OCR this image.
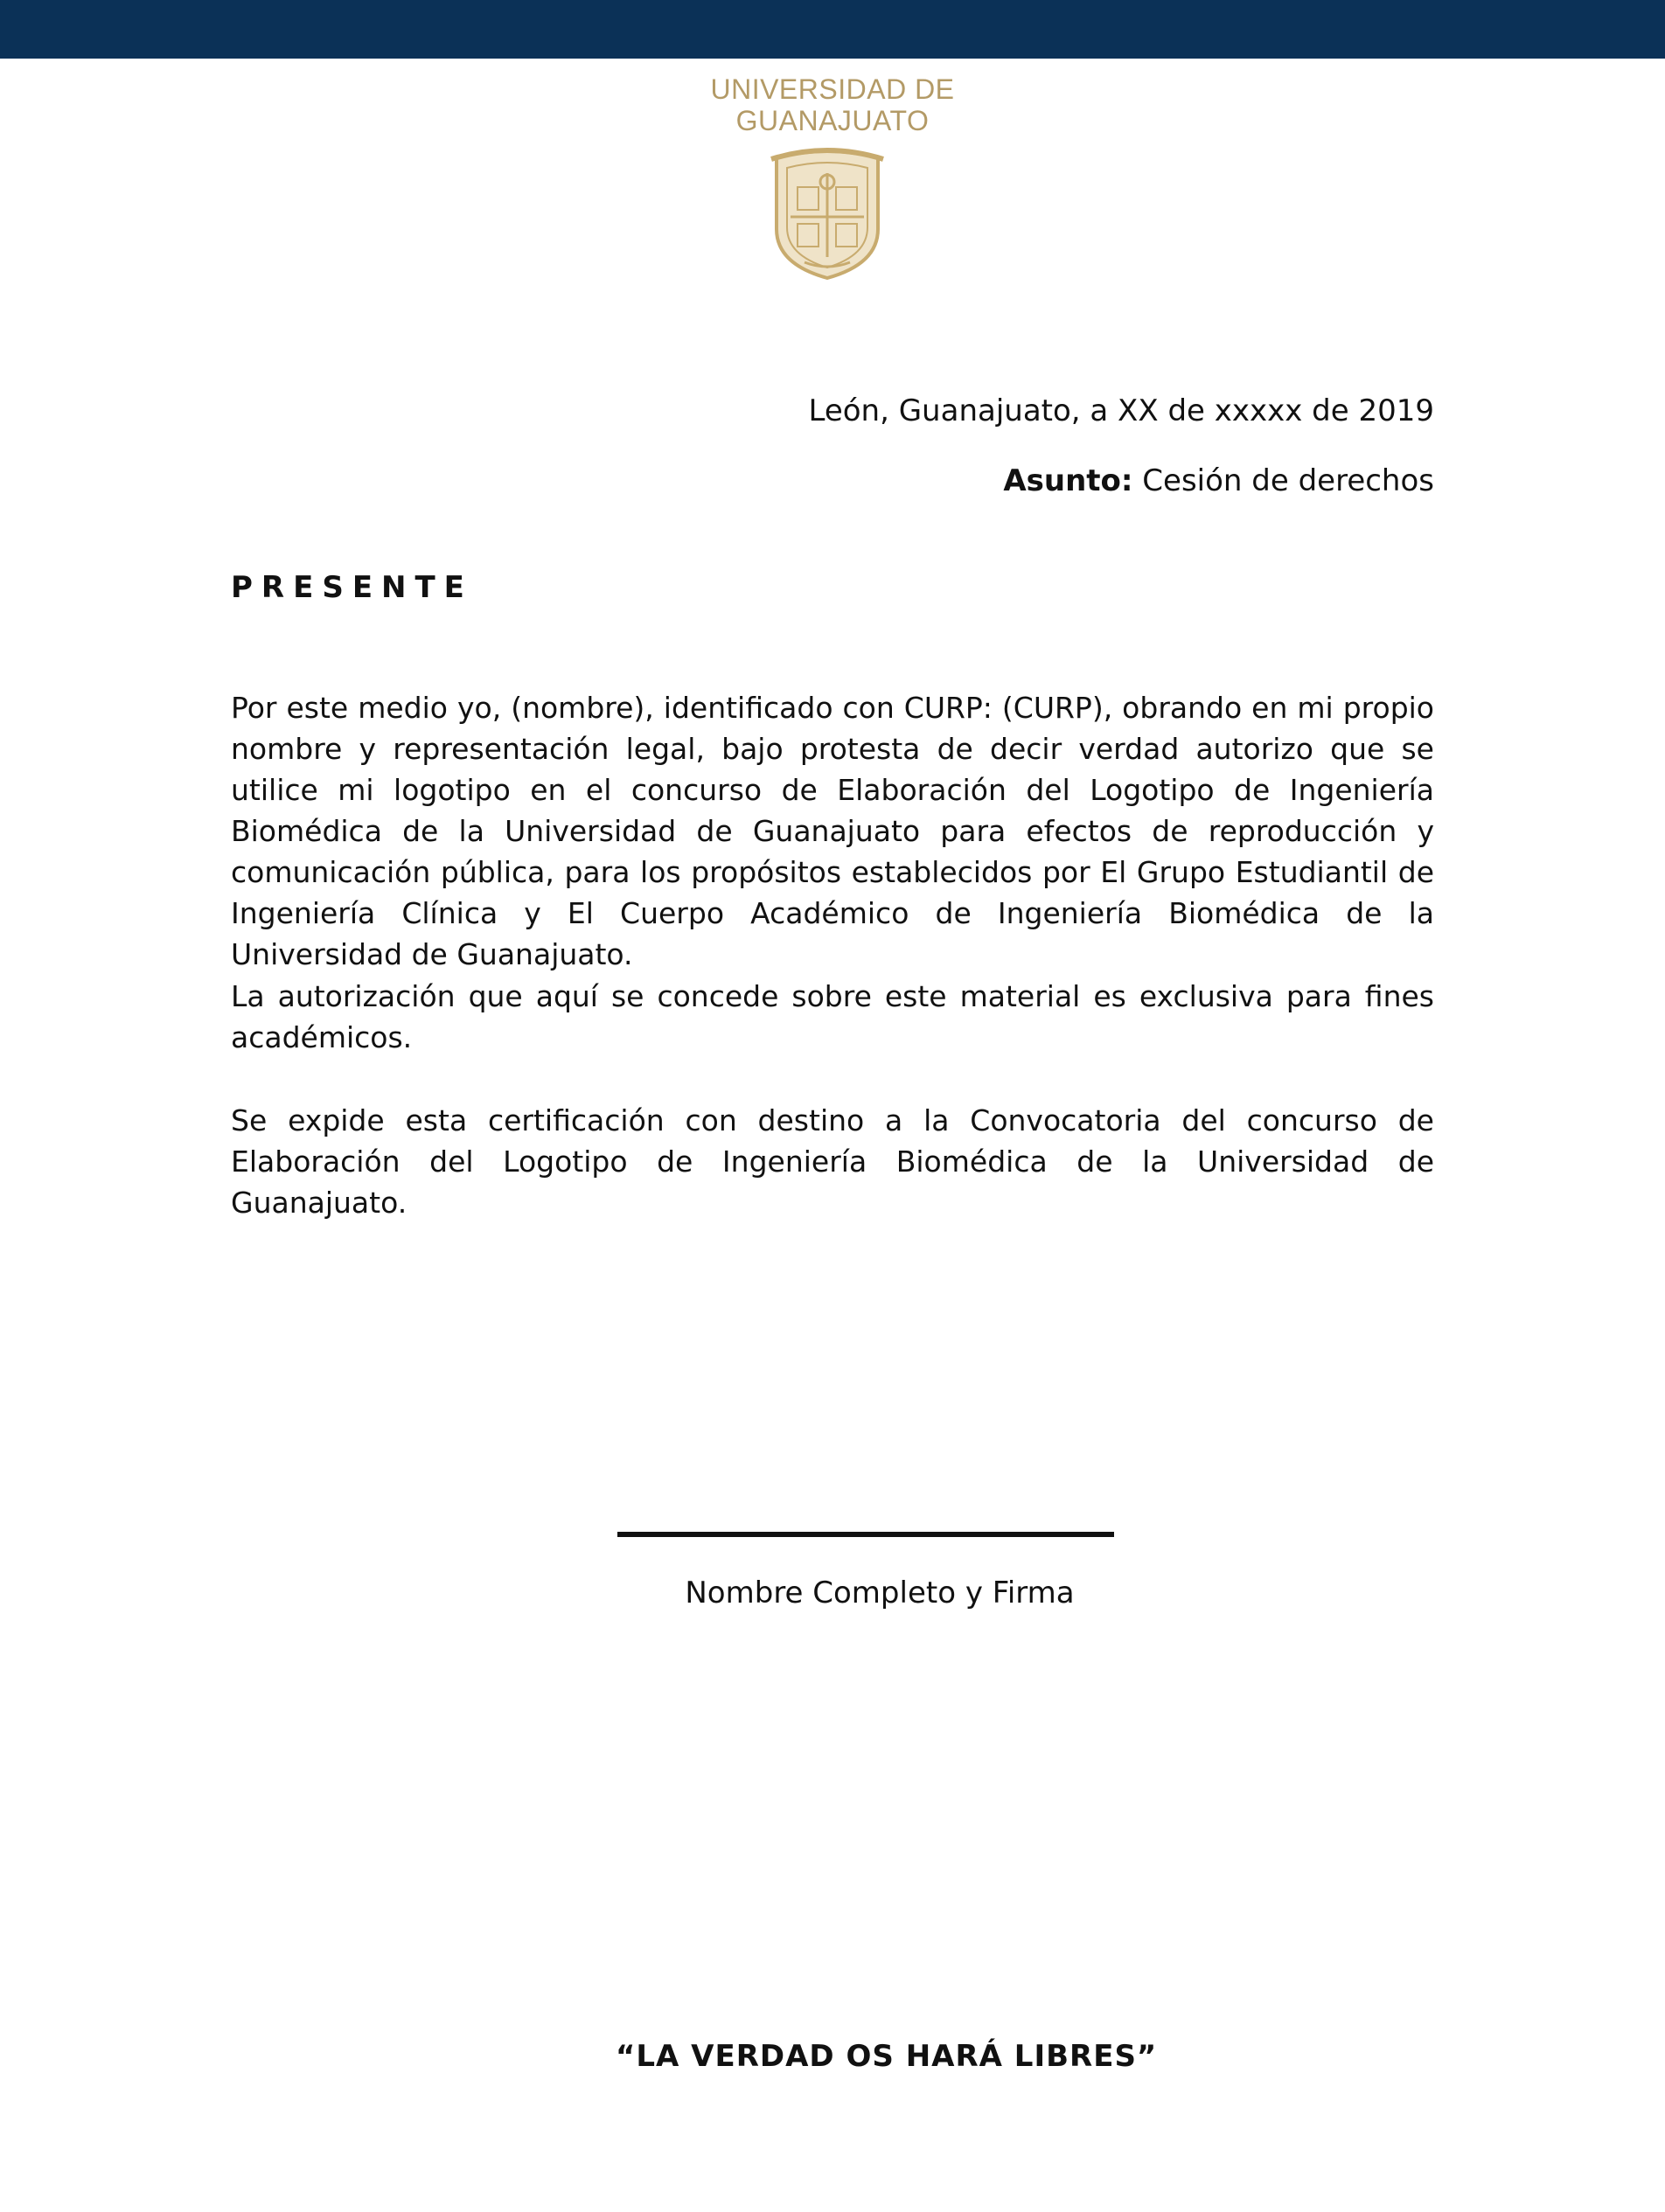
UNIVERSIDAD DE
GUANAJUATO
León, Guanajuato, a XX de xxxxx de 2019
Asunto: Cesión de derechos
PRESENTE
Por este medio yo, (nombre), identificado con CURP: (CURP), obrando en mi propio nombre y representación legal, bajo protesta de decir verdad autorizo que se utilice mi logotipo en el concurso de Elaboración del Logotipo de Ingeniería Biomédica de la Universidad de Guanajuato para efectos de reproducción y comunicación pública, para los propósitos establecidos por El Grupo Estudiantil de Ingeniería Clínica y El Cuerpo Académico de Ingeniería Biomédica de la Universidad de Guanajuato.
La autorización que aquí se concede sobre este material es exclusiva para fines académicos.
Se expide esta certificación con destino a la Convocatoria del concurso de Elaboración del Logotipo de Ingeniería Biomédica de la Universidad de Guanajuato.
Nombre Completo y Firma
“LA VERDAD OS HARÁ LIBRES”
